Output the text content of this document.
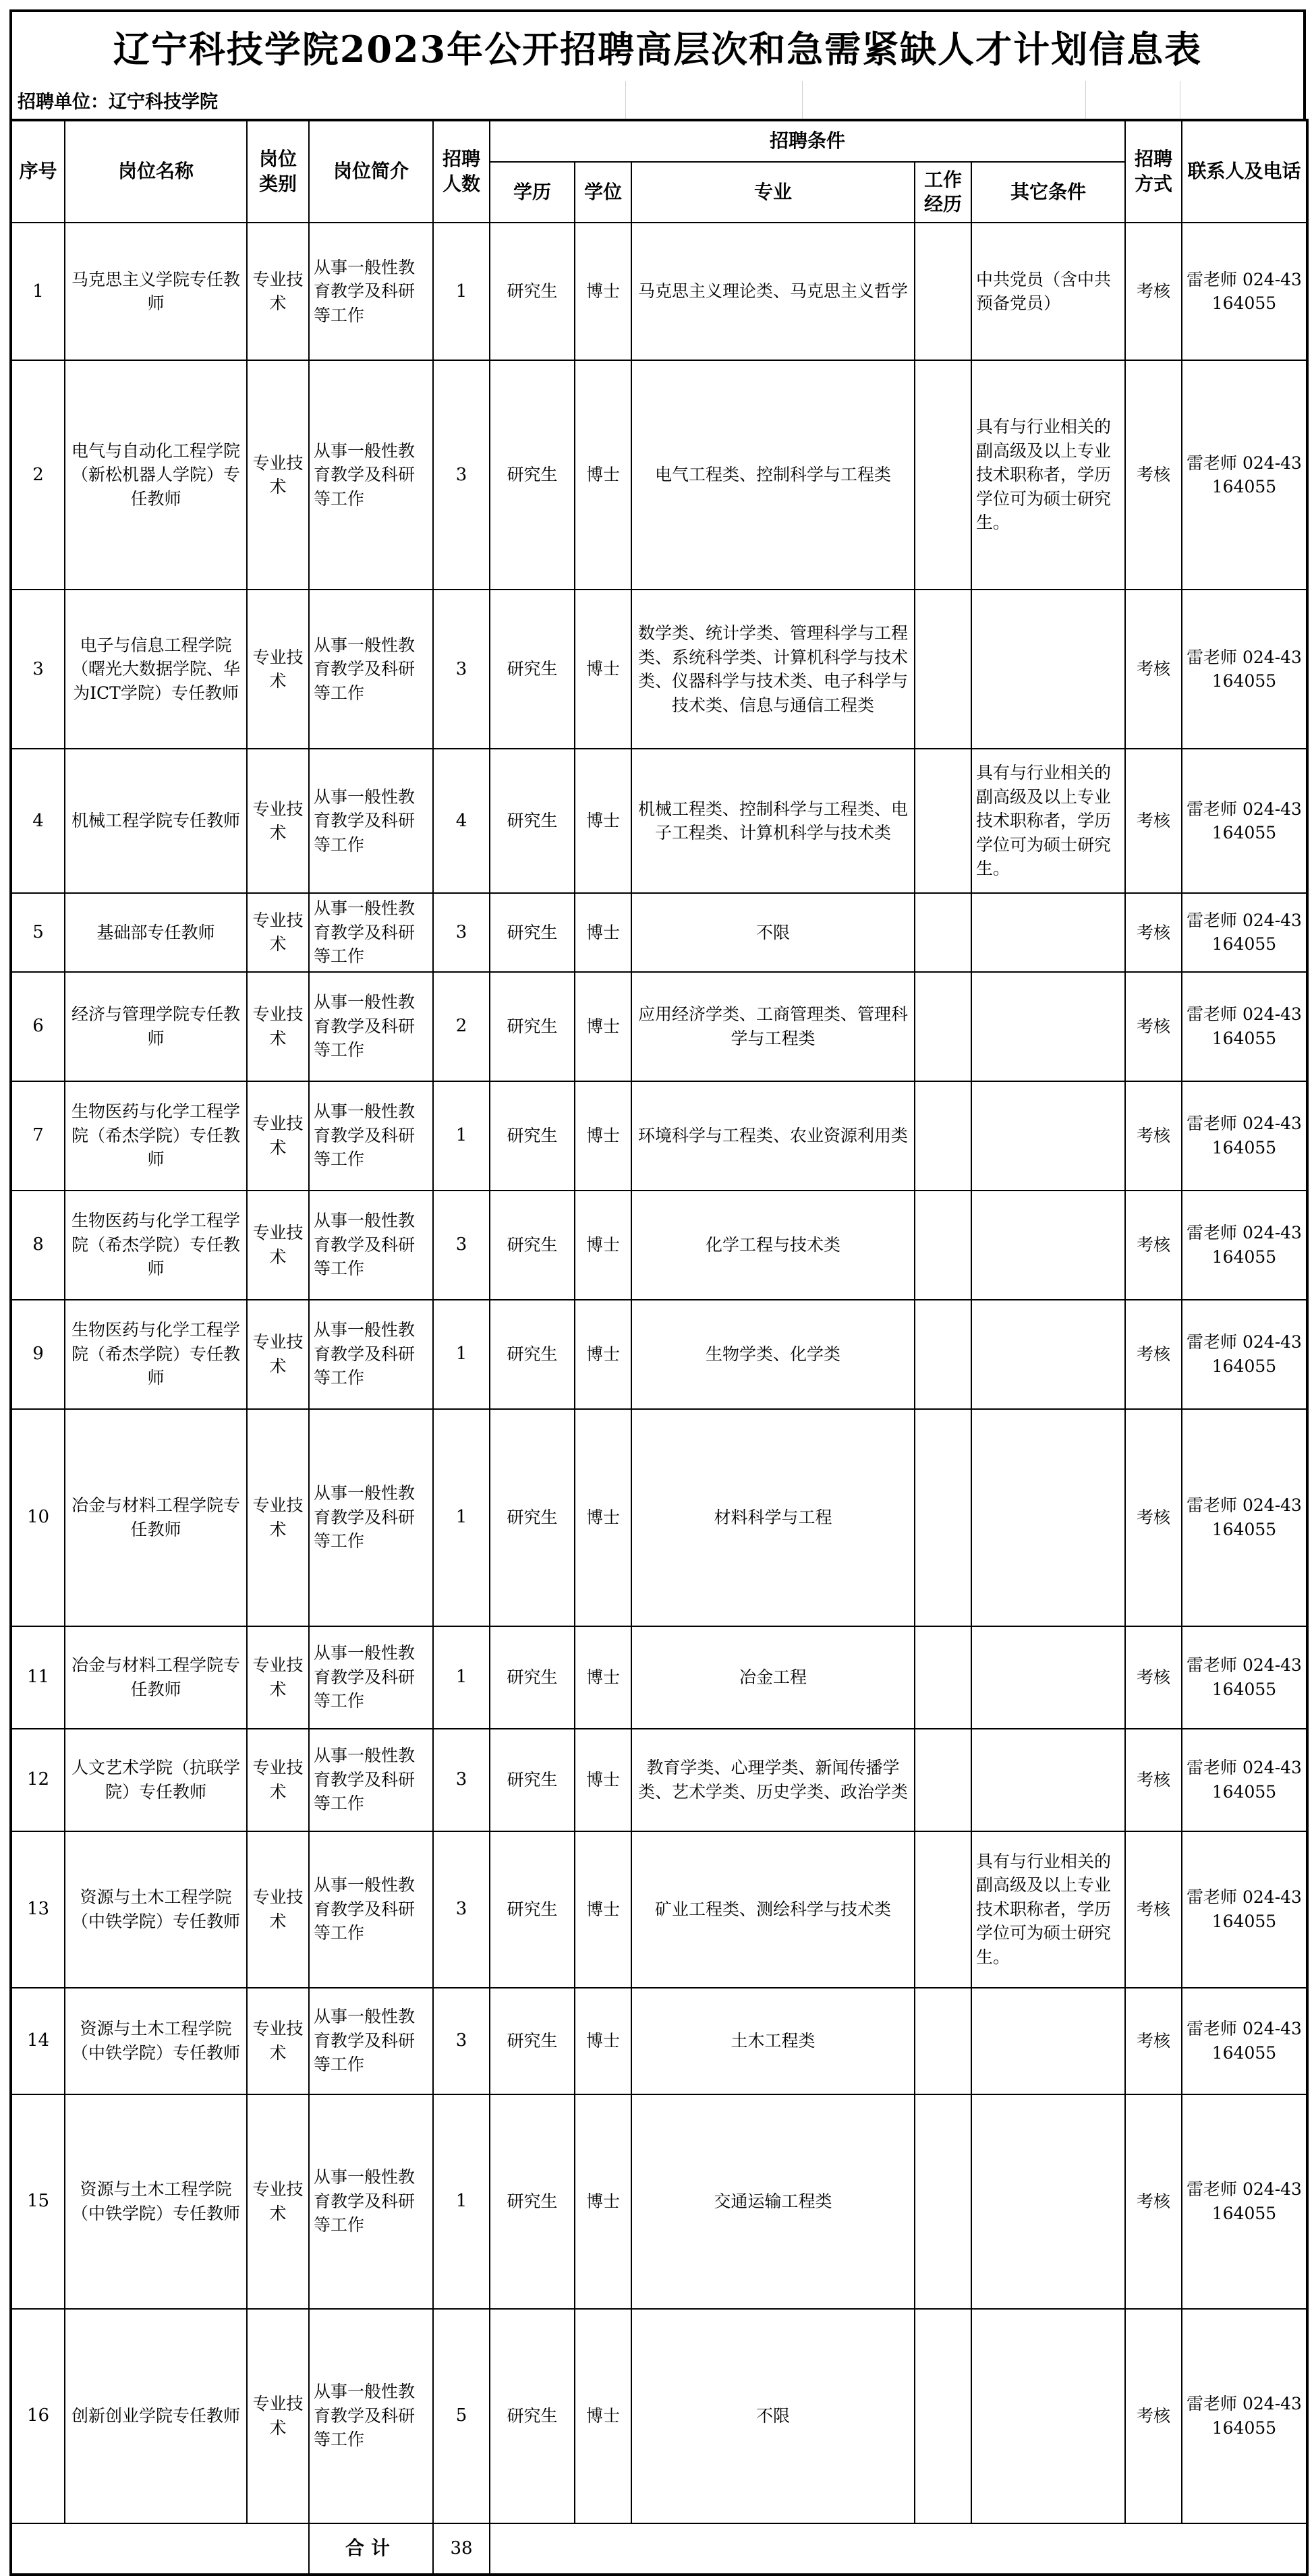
辽宁科技学院2023年公开招聘高层次和急需紧缺人才计划信息表
招聘单位：辽宁科技学院
序号	岗位名称	岗位类别	岗位简介	招聘人数	招聘条件					招聘方式	联系人及电话
					学历	学位	专业	工作经历	其它条件		
1	马克思主义学院专任教师	专业技术	从事一般性教育教学及科研等工作	1	研究生	博士	马克思主义理论类、马克思主义哲学		中共党员（含中共预备党员）	考核	雷老师 024-43164055
2	电气与自动化工程学院（新松机器人学院）专任教师	专业技术	从事一般性教育教学及科研等工作	3	研究生	博士	电气工程类、控制科学与工程类		具有与行业相关的副高级及以上专业技术职称者，学历学位可为硕士研究生。	考核	雷老师 024-43164055
3	电子与信息工程学院（曙光大数据学院、华为ICT学院）专任教师	专业技术	从事一般性教育教学及科研等工作	3	研究生	博士	数学类、统计学类、管理科学与工程类、系统科学类、计算机科学与技术类、仪器科学与技术类、电子科学与技术类、信息与通信工程类			考核	雷老师 024-43164055
4	机械工程学院专任教师	专业技术	从事一般性教育教学及科研等工作	4	研究生	博士	机械工程类、控制科学与工程类、电子工程类、计算机科学与技术类		具有与行业相关的副高级及以上专业技术职称者，学历学位可为硕士研究生。	考核	雷老师 024-43164055
5	基础部专任教师	专业技术	从事一般性教育教学及科研等工作	3	研究生	博士	不限			考核	雷老师 024-43164055
6	经济与管理学院专任教师	专业技术	从事一般性教育教学及科研等工作	2	研究生	博士	应用经济学类、工商管理类、管理科学与工程类			考核	雷老师 024-43164055
7	生物医药与化学工程学院（希杰学院）专任教师	专业技术	从事一般性教育教学及科研等工作	1	研究生	博士	环境科学与工程类、农业资源利用类			考核	雷老师 024-43164055
8	生物医药与化学工程学院（希杰学院）专任教师	专业技术	从事一般性教育教学及科研等工作	3	研究生	博士	化学工程与技术类			考核	雷老师 024-43164055
9	生物医药与化学工程学院（希杰学院）专任教师	专业技术	从事一般性教育教学及科研等工作	1	研究生	博士	生物学类、化学类			考核	雷老师 024-43164055
10	冶金与材料工程学院专任教师	专业技术	从事一般性教育教学及科研等工作	1	研究生	博士	材料科学与工程			考核	雷老师 024-43164055
11	冶金与材料工程学院专任教师	专业技术	从事一般性教育教学及科研等工作	1	研究生	博士	冶金工程			考核	雷老师 024-43164055
12	人文艺术学院（抗联学院）专任教师	专业技术	从事一般性教育教学及科研等工作	3	研究生	博士	教育学类、心理学类、新闻传播学类、艺术学类、历史学类、政治学类			考核	雷老师 024-43164055
13	资源与土木工程学院（中铁学院）专任教师	专业技术	从事一般性教育教学及科研等工作	3	研究生	博士	矿业工程类、测绘科学与技术类		具有与行业相关的副高级及以上专业技术职称者，学历学位可为硕士研究生。	考核	雷老师 024-43164055
14	资源与土木工程学院（中铁学院）专任教师	专业技术	从事一般性教育教学及科研等工作	3	研究生	博士	土木工程类			考核	雷老师 024-43164055
15	资源与土木工程学院（中铁学院）专任教师	专业技术	从事一般性教育教学及科研等工作	1	研究生	博士	交通运输工程类			考核	雷老师 024-43164055
16	创新创业学院专任教师	专业技术	从事一般性教育教学及科研等工作	5	研究生	博士	不限			考核	雷老师 024-43164055
			合计	38							
